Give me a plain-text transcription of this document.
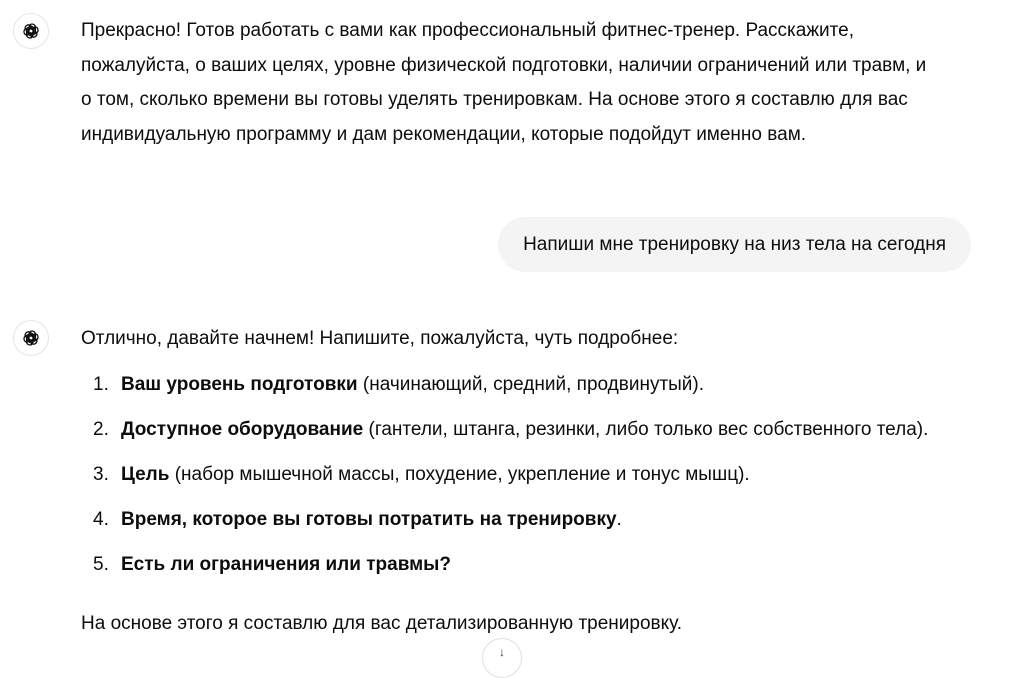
Прекрасно! Готов работать с вами как профессиональный фитнес-тренер. Расскажите,

пожалуйста, о ваших целях, уровне физической подготовки, наличии ограничений или травм, и

о том, сколько времени вы готовы уделять тренировкам. На основе этого я составлю для вас

индивидуальную программу и дам рекомендации, которые подойдут именно вам.

Напиши мне тренировку на низ тела на сегодня

Отлично, давайте начнем! Напишите, пожалуйста, чуть подробнее:

1. Ваш уровень подготовки (начинающий, средний, продвинутый).
2. Доступное оборудование (гантели, штанга, резинки, либо только вес собственного тела).
3. Цель (набор мышечной массы, похудение, укрепление и тонус мышц).
4. Время, которое вы готовы потратить на тренировку.
5. Есть ли ограничения или травмы?

На основе этого я составлю для вас детализированную тренировку.

↓
